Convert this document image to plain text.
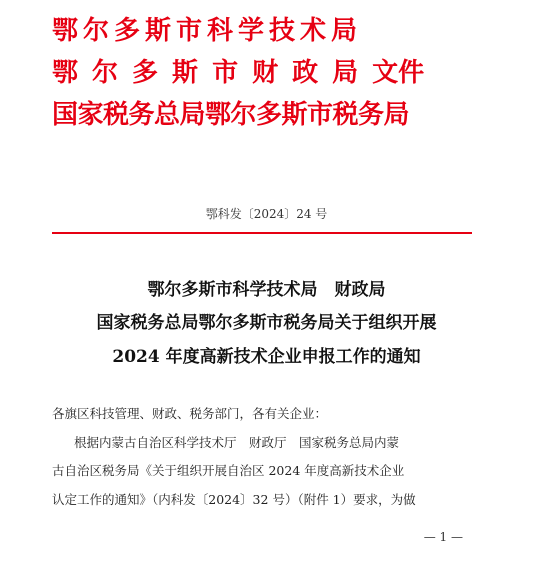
鄂尔多斯市科学技术局
鄂 尔 多 斯 市 财 政 局 文件
国家税务总局鄂尔多斯市税务局
鄂科发〔2024〕24 号
鄂尔多斯市科学技术局　财政局
国家税务总局鄂尔多斯市税务局关于组织开展
2024 年度高新技术企业申报工作的通知
各旗区科技管理、财政、税务部门，各有关企业：
根据内蒙古自治区科学技术厅　财政厅　国家税务总局内蒙
古自治区税务局《关于组织开展自治区 2024 年度高新技术企业
认定工作的通知》（内科发〔2024〕32 号）（附件 1）要求，为做
— 1 —
